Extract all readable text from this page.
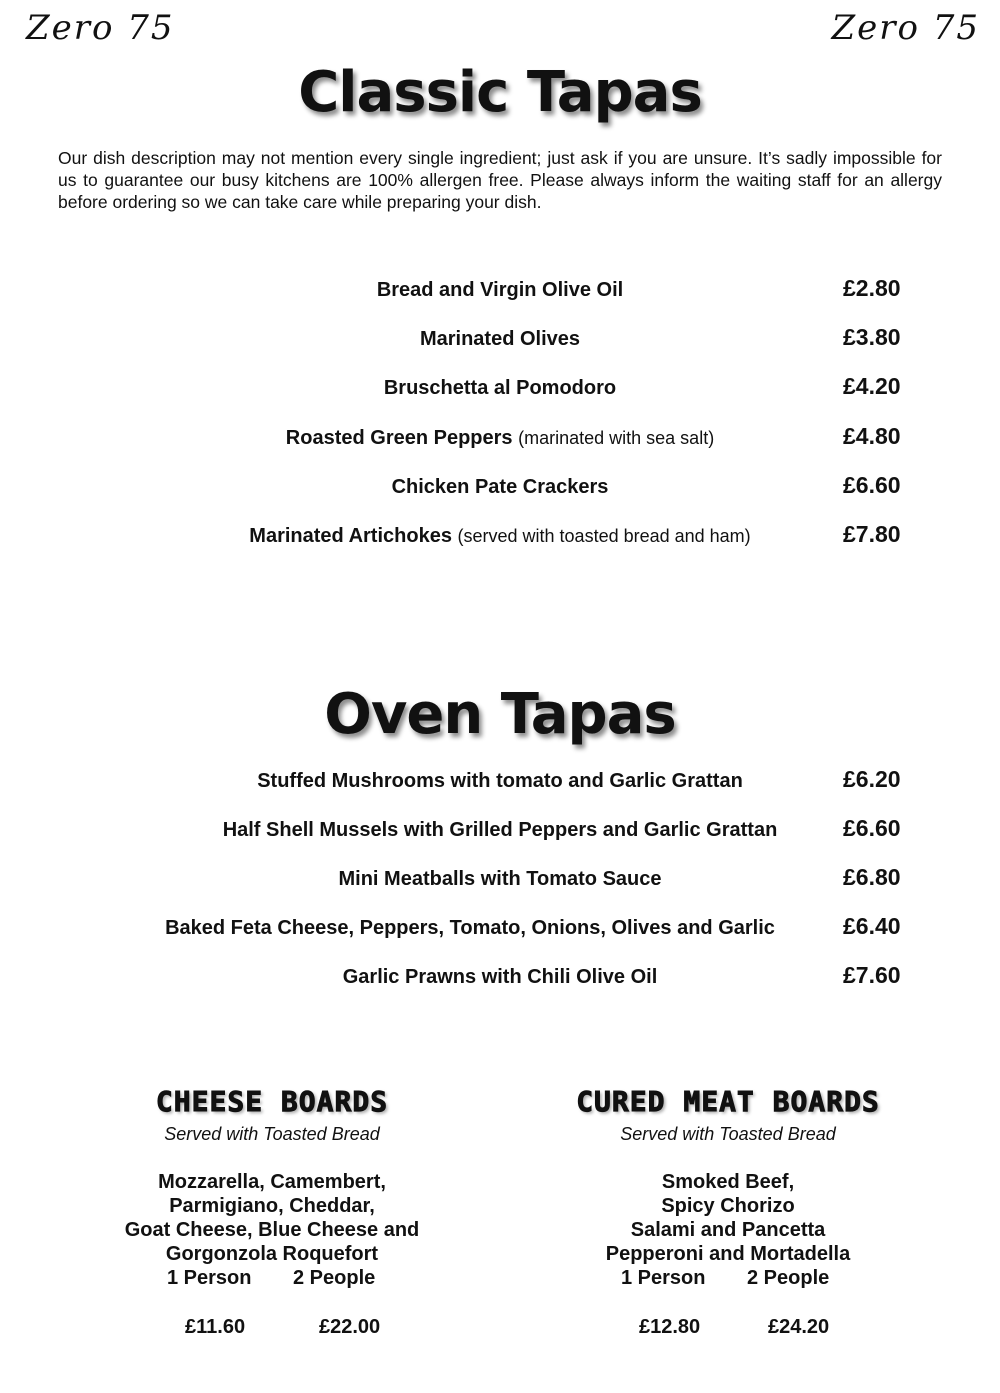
Zero 75	Zero 75
Classic Tapas
Our dish description may not mention every single ingredient; just ask if you are unsure. It’s sadly impossible for us to guarantee our busy kitchens are 100% allergen free. Please always inform the waiting staff for an allergy before ordering so we can take care while preparing your dish.
Bread and Virgin Olive Oil	£2.80
Marinated Olives	£3.80
Bruschetta al Pomodoro	£4.20
Roasted Green Peppers (marinated with sea salt)	£4.80
Chicken Pate Crackers	£6.60
Marinated Artichokes (served with toasted bread and ham)	£7.80
Oven Tapas
Stuffed Mushrooms with tomato and Garlic Grattan	£6.20
Half Shell Mussels with Grilled Peppers and Garlic Grattan	£6.60
Mini Meatballs with Tomato Sauce	£6.80
Baked Feta Cheese, Peppers, Tomato, Onions, Olives and Garlic	£6.40
Garlic Prawns with Chili Olive Oil	£7.60
CHEESE BOARDS
Served with Toasted Bread
Mozzarella, Camembert,
Parmigiano, Cheddar,
Goat Cheese, Blue Cheese and
Gorgonzola Roquefort
1 Person 2 People
£11.60	£22.00
CURED MEAT BOARDS
Served with Toasted Bread
Smoked Beef,
Spicy Chorizo
Salami and Pancetta
Pepperoni and Mortadella
1 Person 2 People
£12.80	£24.20
